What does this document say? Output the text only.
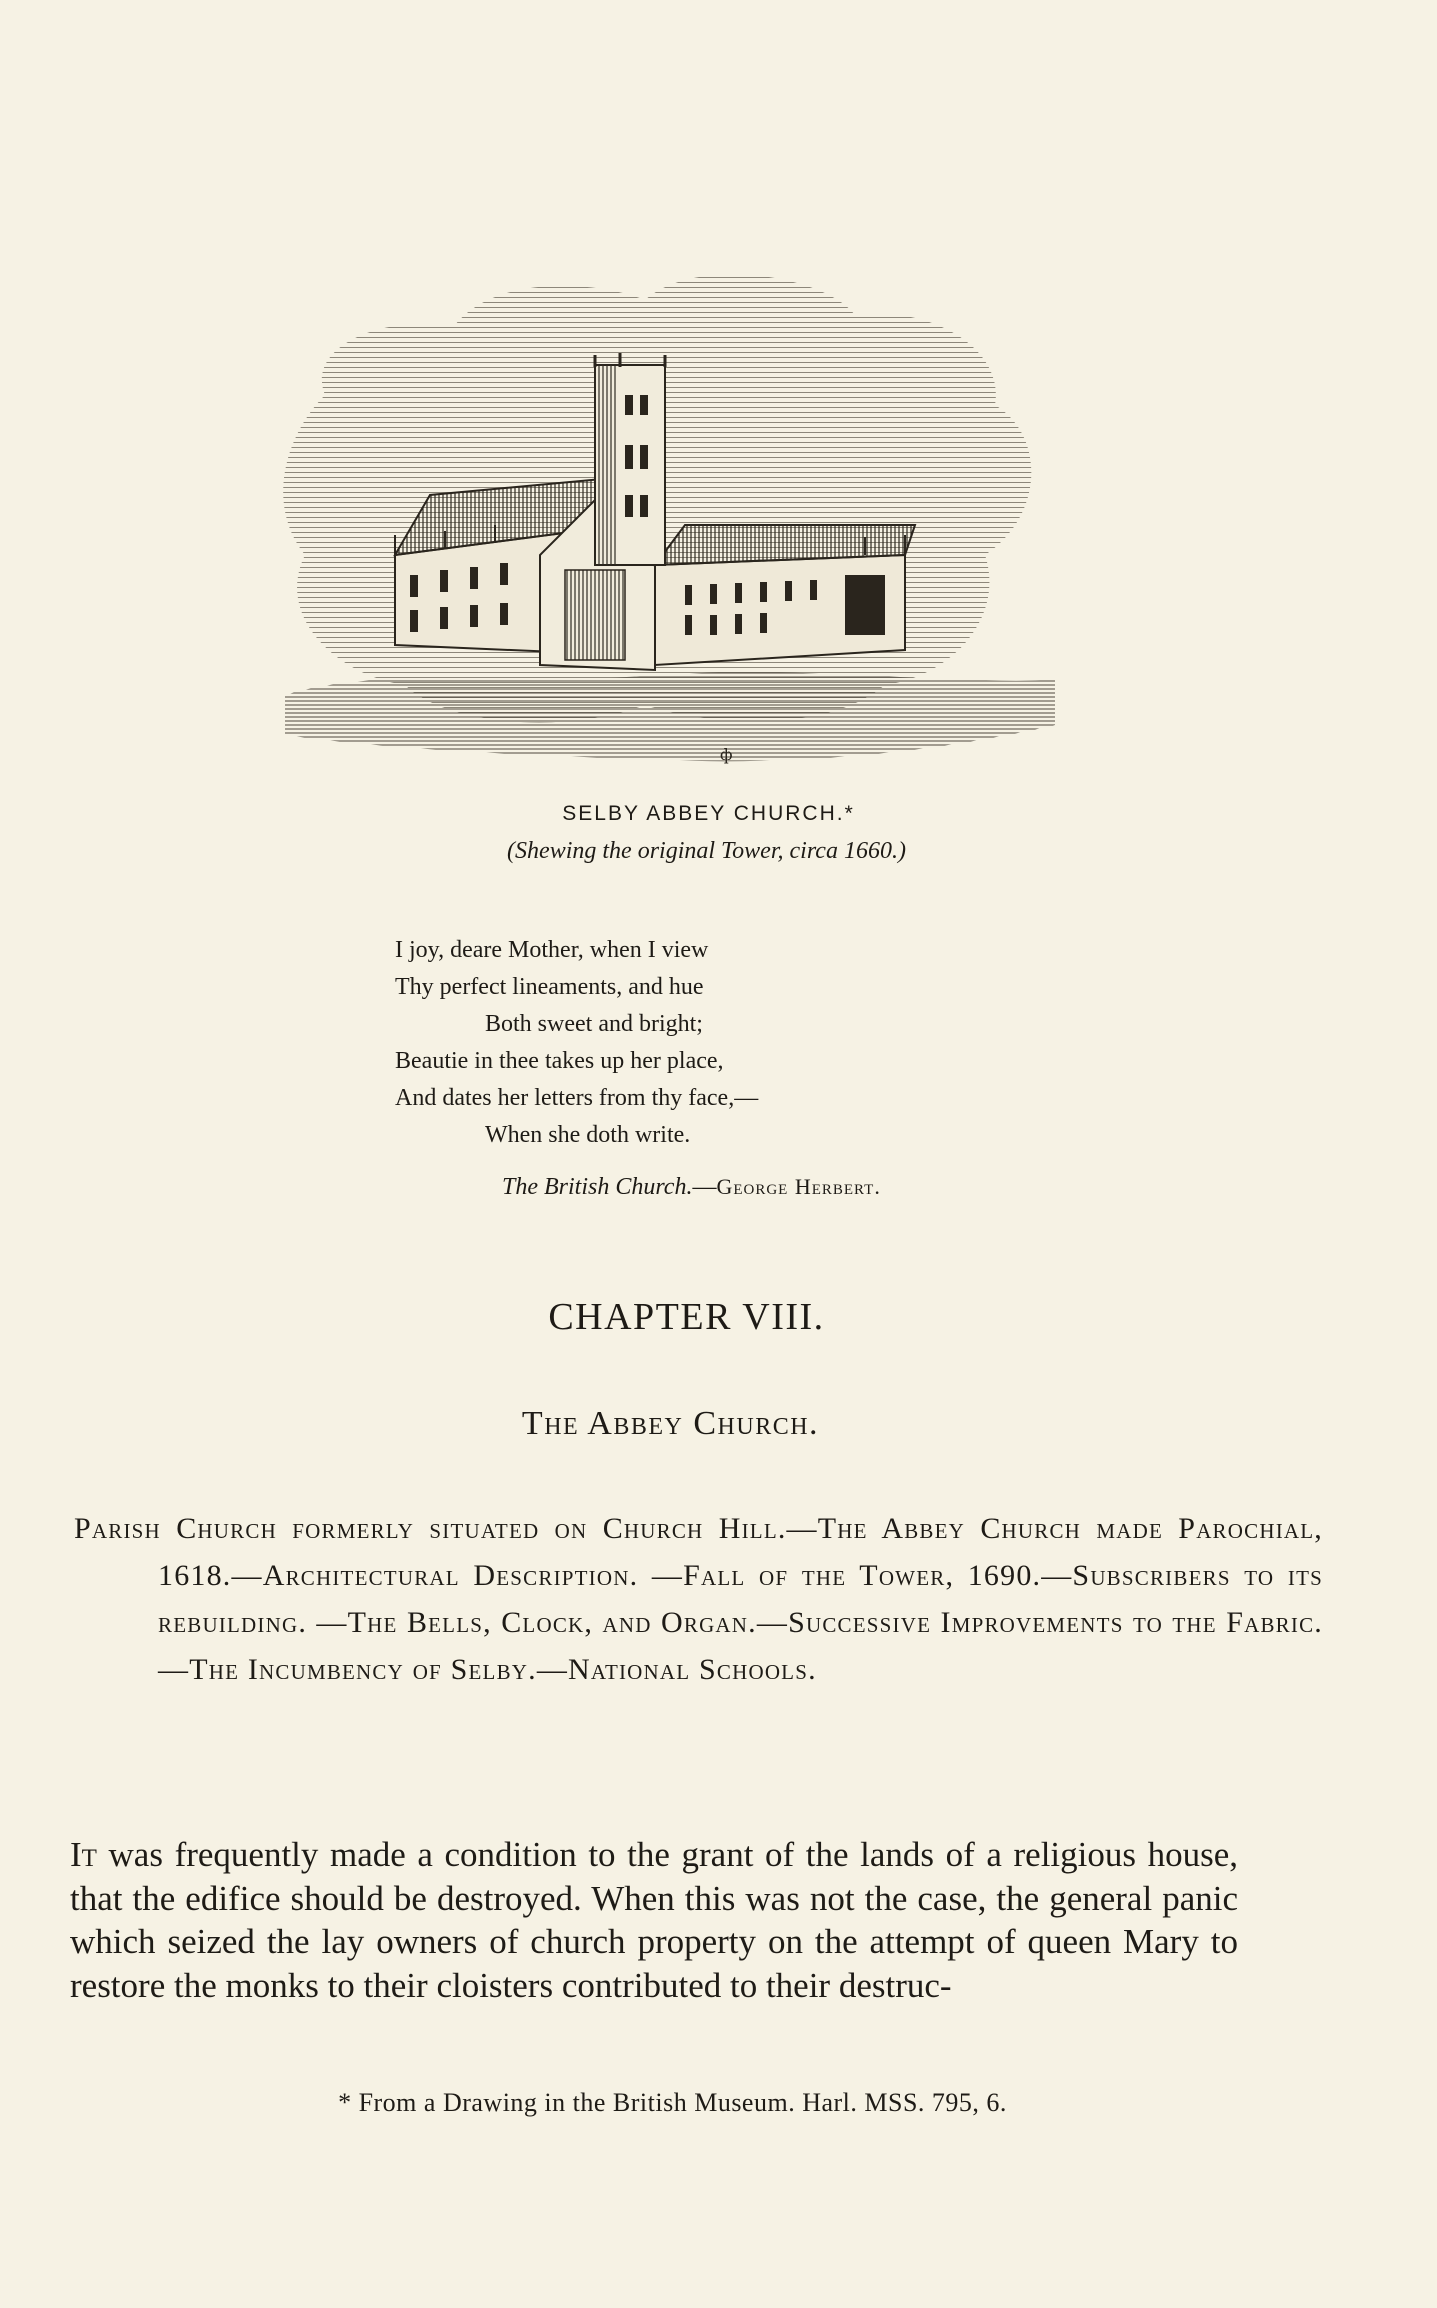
ф
SELBY ABBEY CHURCH.*
(Shewing the original Tower, circa 1660.)
I joy, deare Mother, when I view
Thy perfect lineaments, and hue
Both sweet and bright;
Beautie in thee takes up her place,
And dates her letters from thy face,—
When she doth write.
The British Church.—George Herbert.
CHAPTER VIII.
The Abbey Church.
Parish Church formerly situated on Church Hill.—The Abbey Church made Parochial, 1618.—Architectural Description. —Fall of the Tower, 1690.—Subscribers to its rebuilding. —The Bells, Clock, and Organ.—Successive Improvements to the Fabric.—The Incumbency of Selby.—National Schools.
It was frequently made a condition to the grant of the lands of a religious house, that the edifice should be destroyed. When this was not the case, the general panic which seized the lay owners of church property on the attempt of queen Mary to restore the monks to their cloisters contributed to their destruc-
* From a Drawing in the British Museum. Harl. MSS. 795, 6.
